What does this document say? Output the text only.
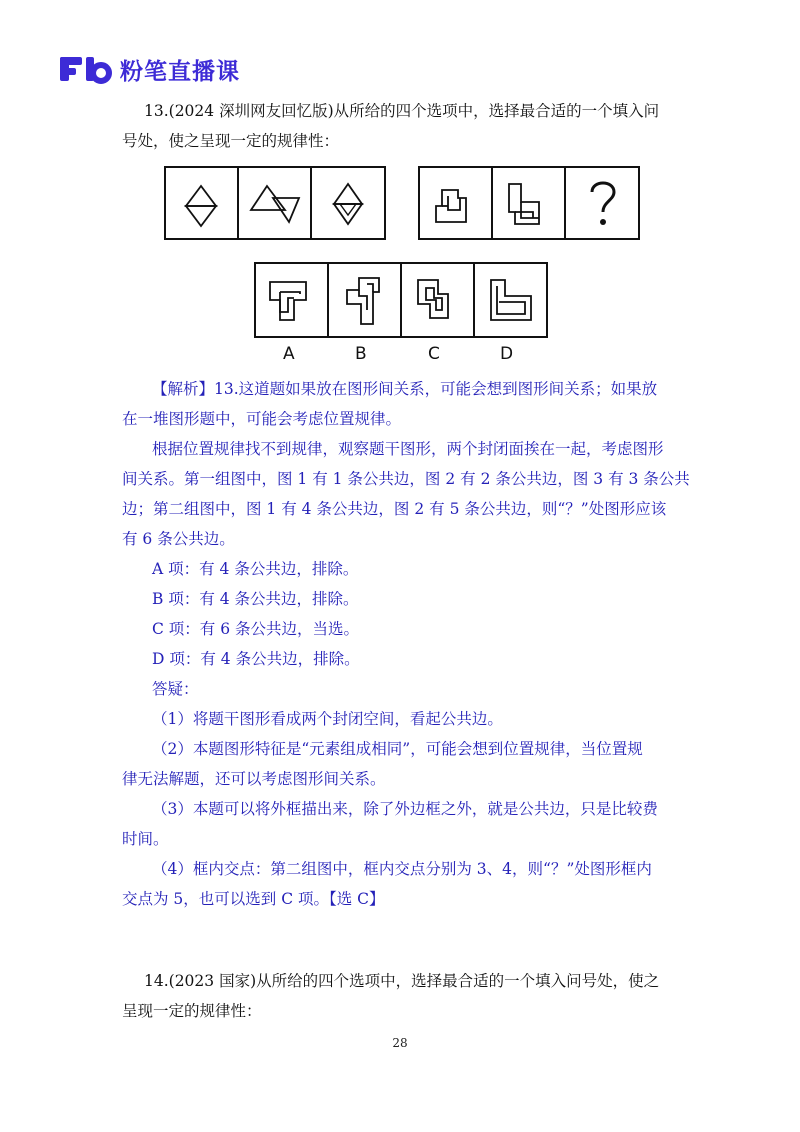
粉笔直播课
13.(2024 深圳网友回忆版)从所给的四个选项中，选择最合适的一个填入问
号处，使之呈现一定的规律性：
A	B	C	D

【解析】13.这道题如果放在图形间关系，可能会想到图形间关系；如果放

在一堆图形题中，可能会考虑位置规律。

根据位置规律找不到规律，观察题干图形，两个封闭面挨在一起，考虑图形

间关系。第一组图中，图 1 有 1 条公共边，图 2 有 2 条公共边，图 3 有 3 条公共

边；第二组图中，图 1 有 4 条公共边，图 2 有 5 条公共边，则“？”处图形应该

有 6 条公共边。

A 项：有 4 条公共边，排除。

B 项：有 4 条公共边，排除。

C 项：有 6 条公共边，当选。

D 项：有 4 条公共边，排除。

答疑：

（1）将题干图形看成两个封闭空间，看起公共边。

（2）本题图形特征是“元素组成相同”，可能会想到位置规律，当位置规

律无法解题，还可以考虑图形间关系。

（3）本题可以将外框描出来，除了外边框之外，就是公共边，只是比较费

时间。

（4）框内交点：第二组图中，框内交点分别为 3、4，则“？”处图形框内

交点为 5，也可以选到 C 项。【选 C】

14.(2023 国家)从所给的四个选项中，选择最合适的一个填入问号处，使之
呈现一定的规律性：
28
